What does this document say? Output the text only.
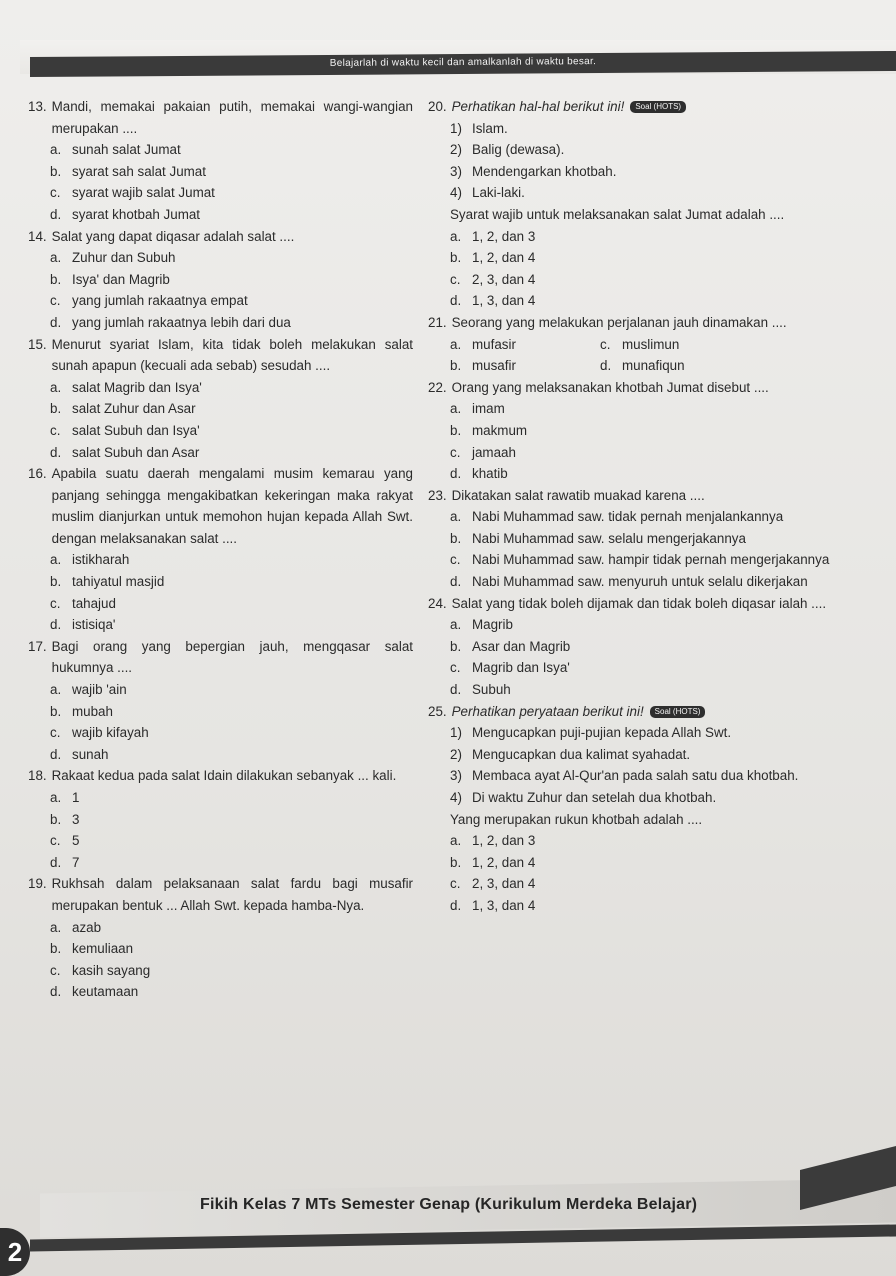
Belajarlah di waktu kecil dan amalkanlah di waktu besar.
13. Mandi, memakai pakaian putih, memakai wangi-wangian merupakan ....
a. sunah salat Jumat
b. syarat sah salat Jumat
c. syarat wajib salat Jumat
d. syarat khotbah Jumat
14. Salat yang dapat diqasar adalah salat ....
a. Zuhur dan Subuh
b. Isya' dan Magrib
c. yang jumlah rakaatnya empat
d. yang jumlah rakaatnya lebih dari dua
15. Menurut syariat Islam, kita tidak boleh melakukan salat sunah apapun (kecuali ada sebab) sesudah ....
a. salat Magrib dan Isya'
b. salat Zuhur dan Asar
c. salat Subuh dan Isya'
d. salat Subuh dan Asar
16. Apabila suatu daerah mengalami musim kemarau yang panjang sehingga mengakibatkan kekeringan maka rakyat muslim dianjurkan untuk memohon hujan kepada Allah Swt. dengan melaksanakan salat ....
a. istikharah
b. tahiyatul masjid
c. tahajud
d. istisiqa'
17. Bagi orang yang bepergian jauh, mengqasar salat hukumnya ....
a. wajib 'ain
b. mubah
c. wajib kifayah
d. sunah
18. Rakaat kedua pada salat Idain dilakukan sebanyak ... kali.
a. 1
b. 3
c. 5
d. 7
19. Rukhsah dalam pelaksanaan salat fardu bagi musafir merupakan bentuk ... Allah Swt. kepada hamba-Nya.
a. azab
b. kemuliaan
c. kasih sayang
d. keutamaan
20. Perhatikan hal-hal berikut ini! Soal (HOTS)
1) Islam.
2) Balig (dewasa).
3) Mendengarkan khotbah.
4) Laki-laki.
Syarat wajib untuk melaksanakan salat Jumat adalah ....
a. 1, 2, dan 3
b. 1, 2, dan 4
c. 2, 3, dan 4
d. 1, 3, dan 4
21. Seorang yang melakukan perjalanan jauh dinamakan ....
a. mufasir	c. muslimun
b. musafir	d. munafiqun
22. Orang yang melaksanakan khotbah Jumat disebut ....
a. imam
b. makmum
c. jamaah
d. khatib
23. Dikatakan salat rawatib muakad karena ....
a. Nabi Muhammad saw. tidak pernah menjalankannya
b. Nabi Muhammad saw. selalu mengerjakannya
c. Nabi Muhammad saw. hampir tidak pernah mengerjakannya
d. Nabi Muhammad saw. menyuruh untuk selalu dikerjakan
24. Salat yang tidak boleh dijamak dan tidak boleh diqasar ialah ....
a. Magrib
b. Asar dan Magrib
c. Magrib dan Isya'
d. Subuh
25. Perhatikan peryataan berikut ini! Soal (HOTS)
1) Mengucapkan puji-pujian kepada Allah Swt.
2) Mengucapkan dua kalimat syahadat.
3) Membaca ayat Al-Qur'an pada salah satu dua khotbah.
4) Di waktu Zuhur dan setelah dua khotbah.
Yang merupakan rukun khotbah adalah ....
a. 1, 2, dan 3
b. 1, 2, dan 4
c. 2, 3, dan 4
d. 1, 3, dan 4
Fikih Kelas 7 MTs Semester Genap (Kurikulum Merdeka Belajar)
2
